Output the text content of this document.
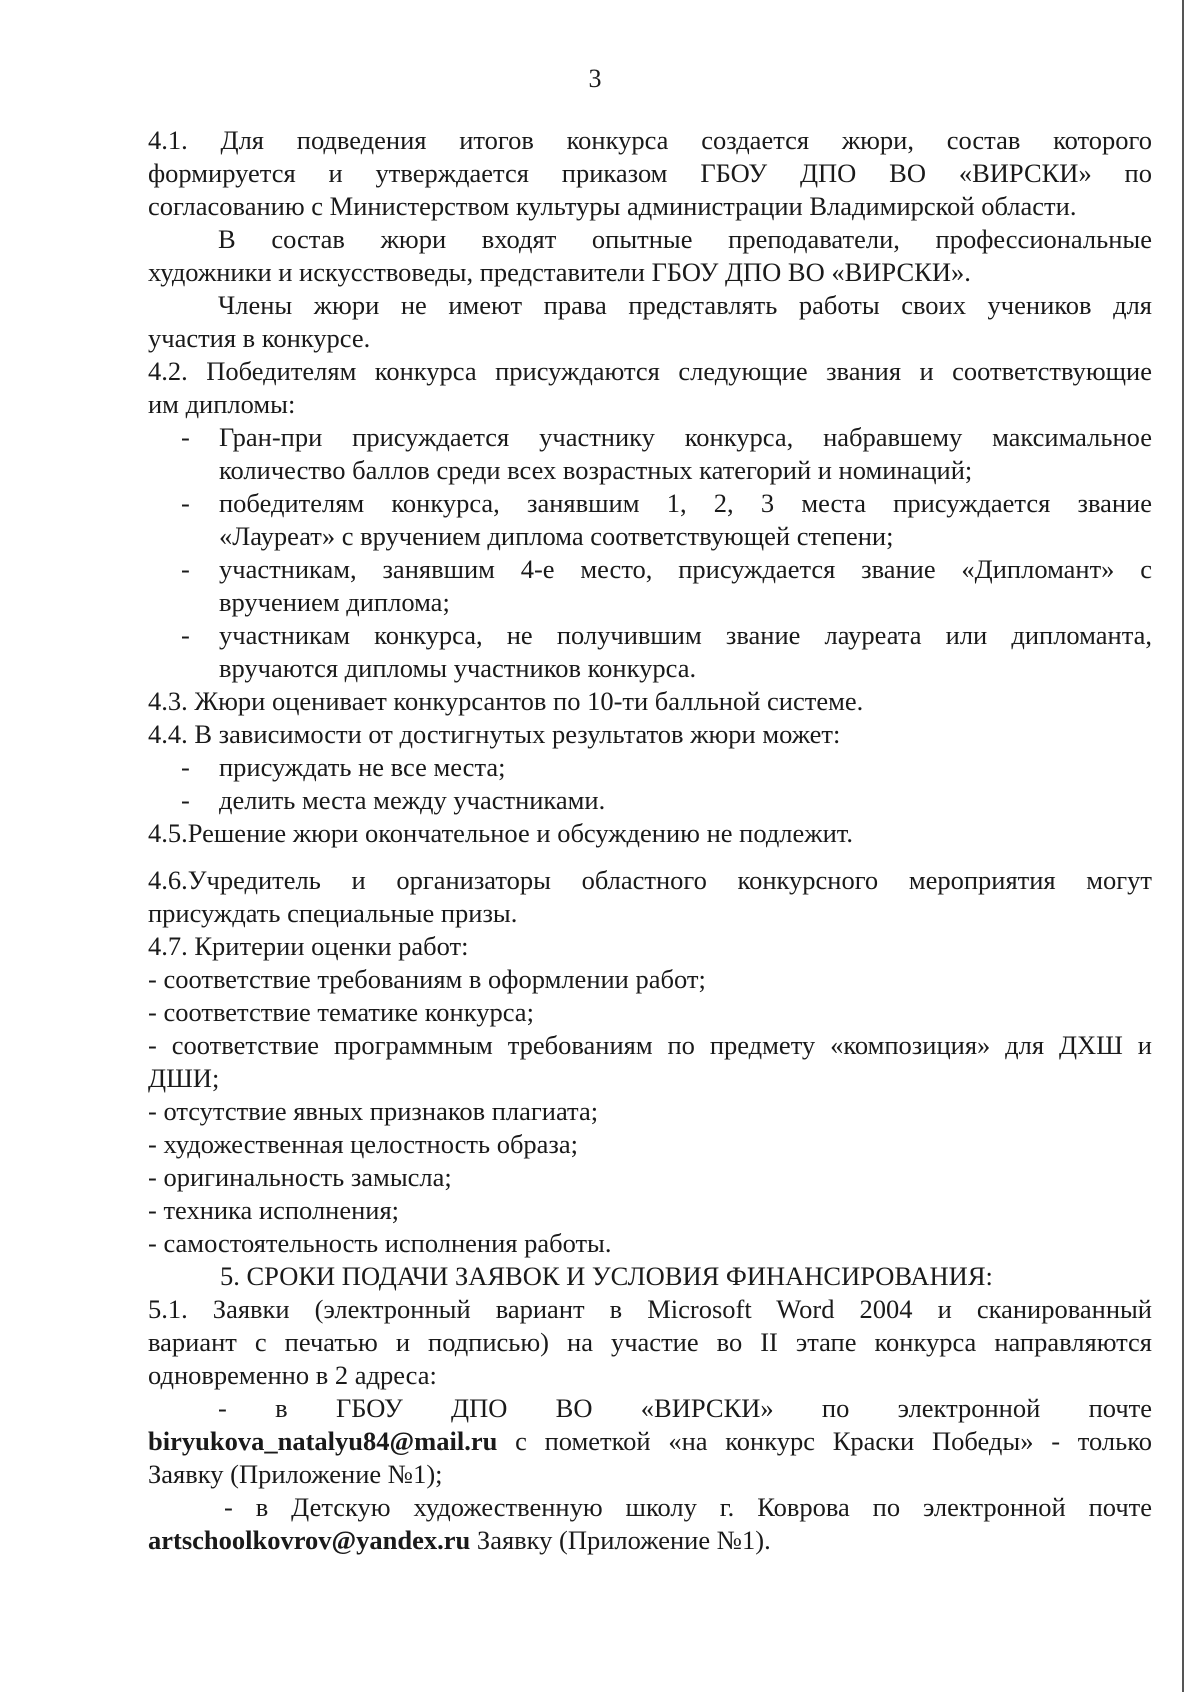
3

4.1. Для подведения итогов конкурса создается жюри, состав которого

формируется и утверждается приказом ГБОУ ДПО ВО «ВИРСКИ» по

согласованию с Министерством культуры администрации Владимирской области.

В состав жюри входят опытные преподаватели, профессиональные

художники и искусствоведы, представители ГБОУ ДПО ВО «ВИРСКИ».

Члены жюри не имеют права представлять работы своих учеников для

участия в конкурсе.

4.2. Победителям конкурса присуждаются следующие звания и соответствующие

им дипломы:

- Гран-при присуждается участнику конкурса, набравшему максимальное

количество баллов среди всех возрастных категорий и номинаций;

- победителям конкурса, занявшим 1, 2, 3 места присуждается звание

«Лауреат» с вручением диплома соответствующей степени;

- участникам, занявшим 4-е место, присуждается звание «Дипломант» с

вручением диплома;

- участникам конкурса, не получившим звание лауреата или дипломанта,

вручаются дипломы участников конкурса.

4.3. Жюри оценивает конкурсантов по 10-ти балльной системе.

4.4. В зависимости от достигнутых результатов жюри может:

- присуждать не все места;
- делить места между участниками.

4.5.Решение жюри окончательное и обсуждению не подлежит.

4.6.Учредитель и организаторы областного конкурсного мероприятия могут

присуждать специальные призы.

4.7. Критерии оценки работ:

- соответствие требованиям в оформлении работ;

- соответствие тематике конкурса;

- соответствие программным требованиям по предмету «композиция» для ДХШ и

ДШИ;

- отсутствие явных признаков плагиата;

- художественная целостность образа;

- оригинальность замысла;

- техника исполнения;

- самостоятельность исполнения работы.

5. СРОКИ ПОДАЧИ ЗАЯВОК И УСЛОВИЯ ФИНАНСИРОВАНИЯ:

5.1. Заявки (электронный вариант в Microsoft Word 2004 и сканированный

вариант с печатью и подписью) на участие во II этапе конкурса направляются

одновременно в 2 адреса:

- в ГБОУ ДПО ВО «ВИРСКИ» по электронной почте

biryukova_natalyu84@mail.ru с пометкой «на конкурс Краски Победы» - только

Заявку (Приложение №1);

- в Детскую художественную школу г. Коврова по электронной почте

artschoolkovrov@yandex.ru Заявку (Приложение №1).
